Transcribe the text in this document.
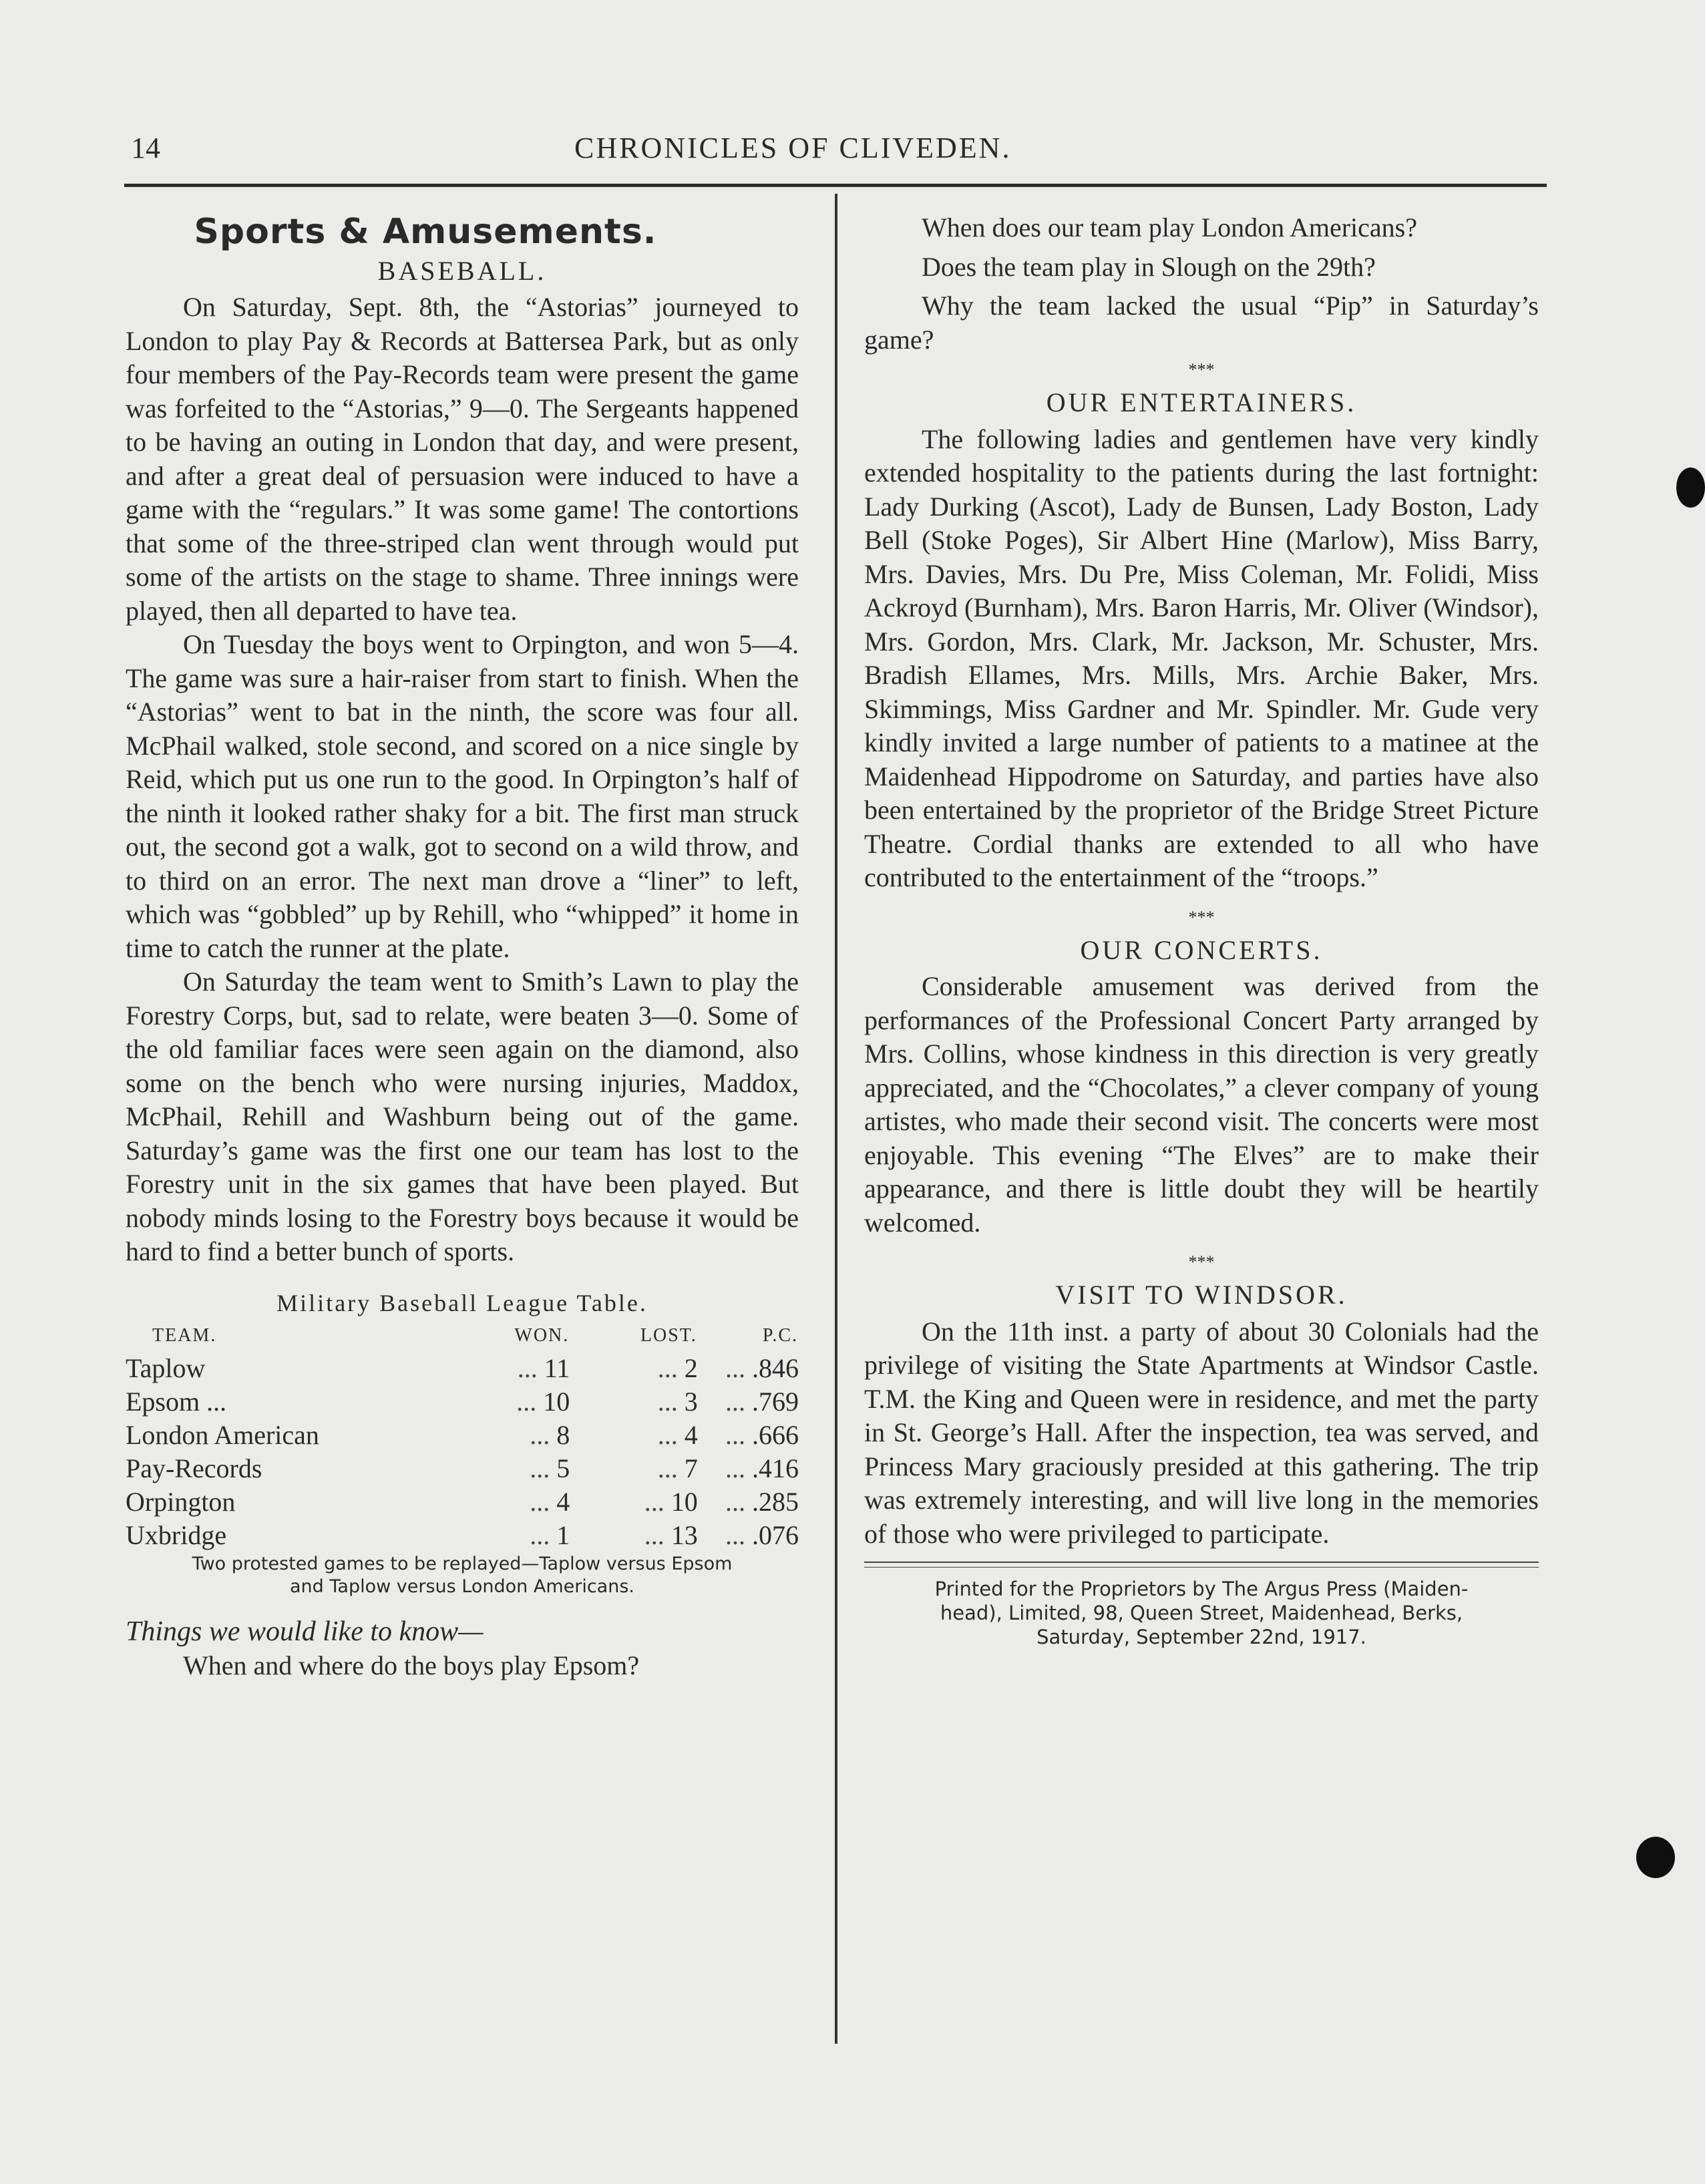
14	CHRONICLES OF CLIVEDEN.
Sports & Amusements.
BASEBALL.

On Saturday, Sept. 8th, the “Astorias” journeyed to London to play Pay & Records at Battersea Park, but as only four members of the Pay-Records team were present the game was forfeited to the “Astorias,” 9—0. The Sergeants happened to be having an outing in London that day, and were present, and after a great deal of persuasion were induced to have a game with the “regulars.” It was some game! The contortions that some of the three-striped clan went through would put some of the artists on the stage to shame. Three innings were played, then all departed to have tea.

On Tuesday the boys went to Orpington, and won 5—4. The game was sure a hair-raiser from start to finish. When the “Astorias” went to bat in the ninth, the score was four all. McPhail walked, stole second, and scored on a nice single by Reid, which put us one run to the good. In Orpington’s half of the ninth it looked rather shaky for a bit. The first man struck out, the second got a walk, got to second on a wild throw, and to third on an error. The next man drove a “liner” to left, which was “gobbled” up by Rehill, who “whipped” it home in time to catch the runner at the plate.

On Saturday the team went to Smith’s Lawn to play the Forestry Corps, but, sad to relate, were beaten 3—0. Some of the old familiar faces were seen again on the diamond, also some on the bench who were nursing injuries, Maddox, McPhail, Rehill and Washburn being out of the game. Saturday’s game was the first one our team has lost to the Forestry unit in the six games that have been played. But nobody minds losing to the Forestry boys because it would be hard to find a better bunch of sports.

Military Baseball League Table.
TEAM.	WON.	LOST.	P.C.
Taplow	... 11	... 2	... .846
Epsom ...	... 10	... 3	... .769
London American	... 8	... 4	... .666
Pay-Records	... 5	... 7	... .416
Orpington	... 4	... 10	... .285
Uxbridge	... 1	... 13	... .076
Two protested games to be replayed—Taplow versus Epsom
and Taplow versus London Americans.
Things we would like to know—

When and where do the boys play Epsom?

When does our team play London Americans?

Does the team play in Slough on the 29th?

Why the team lacked the usual “Pip” in Saturday’s game?

***
OUR ENTERTAINERS.

The following ladies and gentlemen have very kindly extended hospitality to the patients during the last fortnight: Lady Durking (Ascot), Lady de Bunsen, Lady Boston, Lady Bell (Stoke Poges), Sir Albert Hine (Marlow), Miss Barry, Mrs. Davies, Mrs. Du Pre, Miss Coleman, Mr. Folidi, Miss Ackroyd (Burnham), Mrs. Baron Harris, Mr. Oliver (Windsor), Mrs. Gordon, Mrs. Clark, Mr. Jackson, Mr. Schuster, Mrs. Bradish Ellames, Mrs. Mills, Mrs. Archie Baker, Mrs. Skimmings, Miss Gardner and Mr. Spindler. Mr. Gude very kindly invited a large number of patients to a matinee at the Maidenhead Hippodrome on Saturday, and parties have also been entertained by the proprietor of the Bridge Street Picture Theatre. Cordial thanks are extended to all who have contributed to the entertainment of the “troops.”

***
OUR CONCERTS.

Considerable amusement was derived from the performances of the Professional Concert Party arranged by Mrs. Collins, whose kindness in this direction is very greatly appreciated, and the “Chocolates,” a clever company of young artistes, who made their second visit. The concerts were most enjoyable. This evening “The Elves” are to make their appearance, and there is little doubt they will be heartily welcomed.

***
VISIT TO WINDSOR.

On the 11th inst. a party of about 30 Colonials had the privilege of visiting the State Apartments at Windsor Castle. T.M. the King and Queen were in residence, and met the party in St. George’s Hall. After the inspection, tea was served, and Princess Mary graciously presided at this gathering. The trip was extremely interesting, and will live long in the memories of those who were privileged to participate.

Printed for the Proprietors by The Argus Press (Maiden-
head), Limited, 98, Queen Street, Maidenhead, Berks,
Saturday, September 22nd, 1917.
